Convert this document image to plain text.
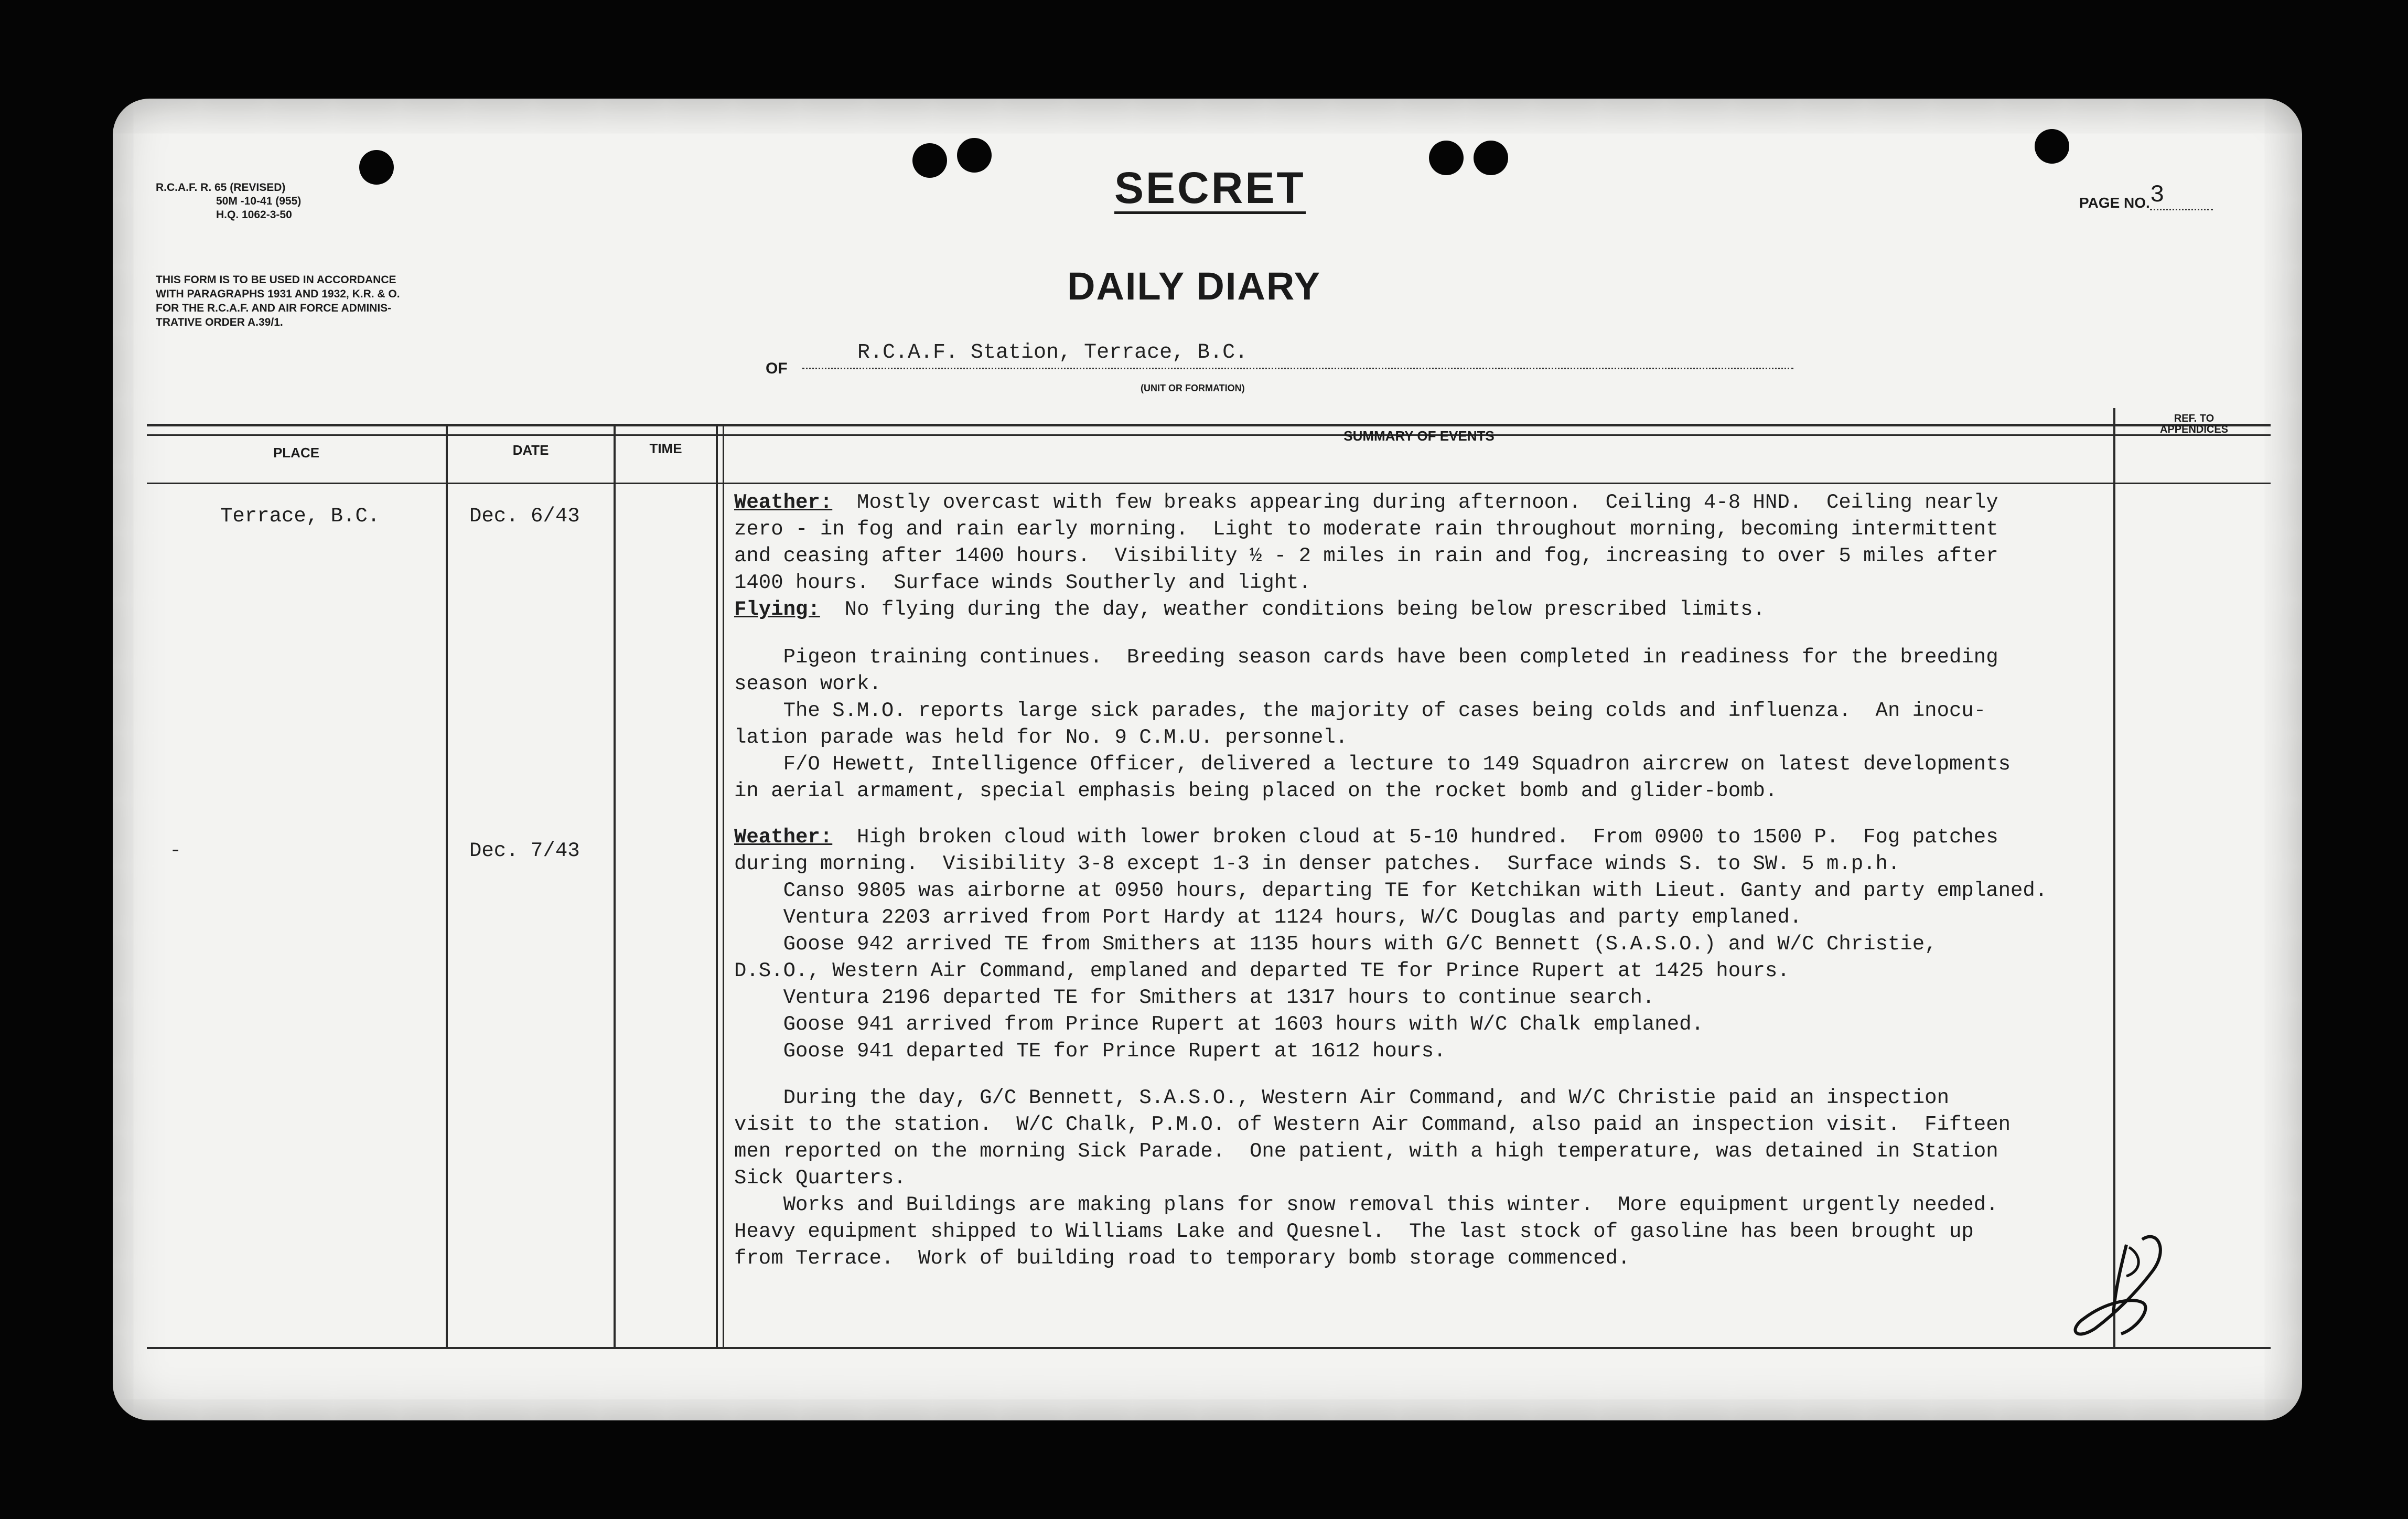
R.C.A.F. R. 65 (REVISED)
50M -10-41 (955)
H.Q. 1062-3-50
SECRET	PAGE NO.3
THIS FORM IS TO BE USED IN ACCORDANCE
WITH PARAGRAPHS 1931 AND 1932, K.R. & O.
FOR THE R.C.A.F. AND AIR FORCE ADMINIS-
TRATIVE ORDER A.39/1.
DAILY DIARY
OF
R.C.A.F. Station, Terrace, B.C.
(UNIT OR FORMATION)
PLACE	DATE	TIME
SUMMARY OF EVENTS
REF. TO
APPENDICES
Terrace, B.C.	Dec. 6/43
Weather:  Mostly overcast with few breaks appearing during afternoon.  Ceiling 4-8 HND.  Ceiling nearly
zero - in fog and rain early morning.  Light to moderate rain throughout morning, becoming intermittent
and ceasing after 1400 hours.  Visibility ½ - 2 miles in rain and fog, increasing to over 5 miles after
1400 hours.  Surface winds Southerly and light.
Flying:  No flying during the day, weather conditions being below prescribed limits.
Pigeon training continues.  Breeding season cards have been completed in readiness for the breeding
season work.
The S.M.O. reports large sick parades, the majority of cases being colds and influenza.  An inocu-
lation parade was held for No. 9 C.M.U. personnel.
F/O Hewett, Intelligence Officer, delivered a lecture to 149 Squadron aircrew on latest developments
in aerial armament, special emphasis being placed on the rocket bomb and glider-bomb.
-	Dec. 7/43
Weather:  High broken cloud with lower broken cloud at 5-10 hundred.  From 0900 to 1500 P.  Fog patches
during morning.  Visibility 3-8 except 1-3 in denser patches.  Surface winds S. to SW. 5 m.p.h.
Canso 9805 was airborne at 0950 hours, departing TE for Ketchikan with Lieut. Ganty and party emplaned.
Ventura 2203 arrived from Port Hardy at 1124 hours, W/C Douglas and party emplaned.
Goose 942 arrived TE from Smithers at 1135 hours with G/C Bennett (S.A.S.O.) and W/C Christie,
D.S.O., Western Air Command, emplaned and departed TE for Prince Rupert at 1425 hours.
Ventura 2196 departed TE for Smithers at 1317 hours to continue search.
Goose 941 arrived from Prince Rupert at 1603 hours with W/C Chalk emplaned.
Goose 941 departed TE for Prince Rupert at 1612 hours.
During the day, G/C Bennett, S.A.S.O., Western Air Command, and W/C Christie paid an inspection
visit to the station.  W/C Chalk, P.M.O. of Western Air Command, also paid an inspection visit.  Fifteen
men reported on the morning Sick Parade.  One patient, with a high temperature, was detained in Station
Sick Quarters.
Works and Buildings are making plans for snow removal this winter.  More equipment urgently needed.
Heavy equipment shipped to Williams Lake and Quesnel.  The last stock of gasoline has been brought up
from Terrace.  Work of building road to temporary bomb storage commenced.
